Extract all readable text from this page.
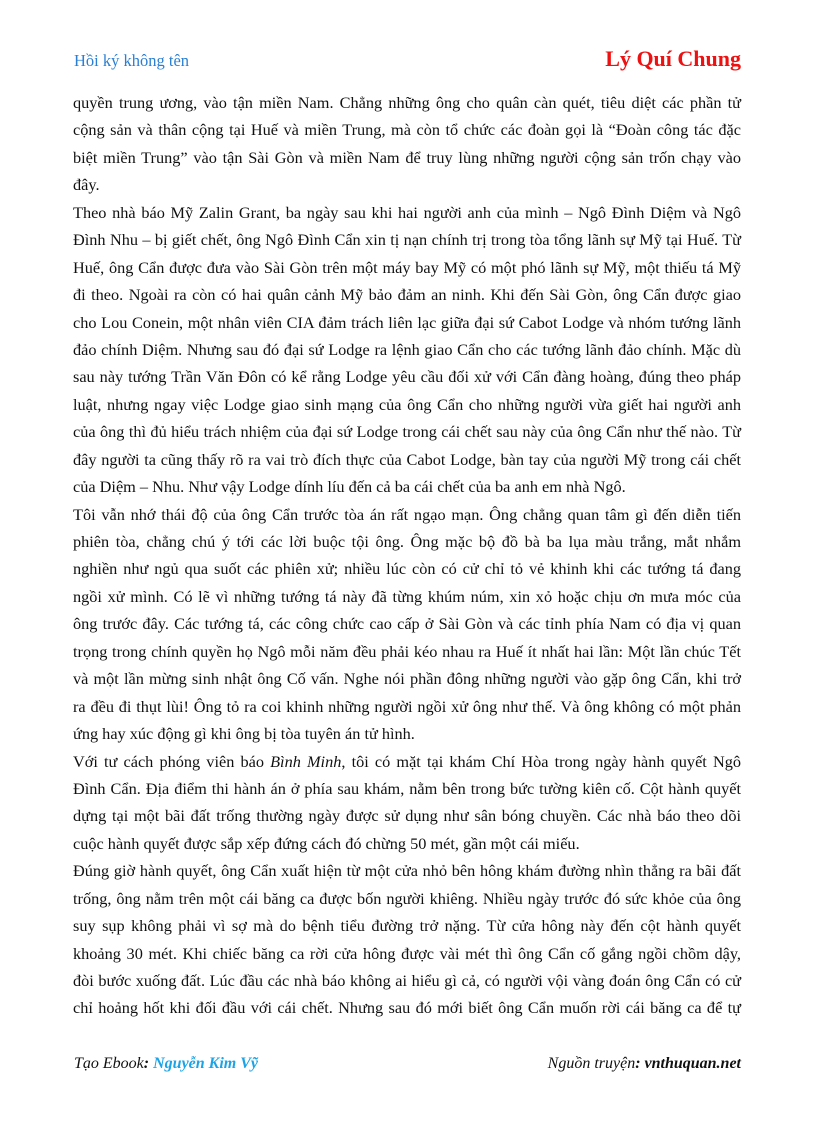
Hồi ký không tên	Lý Quí Chung
quyền trung ương, vào tận miền Nam. Chẳng những ông cho quân càn quét, tiêu diệt các phần tử
cộng sản và thân cộng tại Huế và miền Trung, mà còn tổ chức các đoàn gọi là “Đoàn công tác đặc
biệt miền Trung” vào tận Sài Gòn và miền Nam để truy lùng những người cộng sản trốn chạy vào
đây.
Theo nhà báo Mỹ Zalin Grant, ba ngày sau khi hai người anh của mình – Ngô Đình Diệm và Ngô
Đình Nhu – bị giết chết, ông Ngô Đình Cẩn xin tị nạn chính trị trong tòa tổng lãnh sự Mỹ tại Huế. Từ
Huế, ông Cẩn được đưa vào Sài Gòn trên một máy bay Mỹ có một phó lãnh sự Mỹ, một thiếu tá Mỹ
đi theo. Ngoài ra còn có hai quân cảnh Mỹ bảo đảm an ninh. Khi đến Sài Gòn, ông Cẩn được giao
cho Lou Conein, một nhân viên CIA đảm trách liên lạc giữa đại sứ Cabot Lodge và nhóm tướng lãnh
đảo chính Diệm. Nhưng sau đó đại sứ Lodge ra lệnh giao Cẩn cho các tướng lãnh đảo chính. Mặc dù
sau này tướng Trần Văn Đôn có kể rằng Lodge yêu cầu đối xử với Cẩn đàng hoàng, đúng theo pháp
luật, nhưng ngay việc Lodge giao sinh mạng của ông Cẩn cho những người vừa giết hai người anh
của ông thì đủ hiểu trách nhiệm của đại sứ Lodge trong cái chết sau này của ông Cẩn như thế nào. Từ
đây người ta cũng thấy rõ ra vai trò đích thực của Cabot Lodge, bàn tay của người Mỹ trong cái chết
của Diệm – Nhu. Như vậy Lodge dính líu đến cả ba cái chết của ba anh em nhà Ngô.
Tôi vẫn nhớ thái độ của ông Cẩn trước tòa án rất ngạo mạn. Ông chẳng quan tâm gì đến diễn tiến
phiên tòa, chẳng chú ý tới các lời buộc tội ông. Ông mặc bộ đồ bà ba lụa màu trắng, mắt nhắm
nghiền như ngủ qua suốt các phiên xử; nhiều lúc còn có cử chỉ tỏ vẻ khinh khi các tướng tá đang
ngồi xử mình. Có lẽ vì những tướng tá này đã từng khúm núm, xin xỏ hoặc chịu ơn mưa móc của
ông trước đây. Các tướng tá, các công chức cao cấp ở Sài Gòn và các tỉnh phía Nam có địa vị quan
trọng trong chính quyền họ Ngô mỗi năm đều phải kéo nhau ra Huế ít nhất hai lần: Một lần chúc Tết
và một lần mừng sinh nhật ông Cố vấn. Nghe nói phần đông những người vào gặp ông Cẩn, khi trở
ra đều đi thụt lùi! Ông tỏ ra coi khinh những người ngồi xử ông như thế. Và ông không có một phản
ứng hay xúc động gì khi ông bị tòa tuyên án tử hình.
Với tư cách phóng viên báo Bình Minh, tôi có mặt tại khám Chí Hòa trong ngày hành quyết Ngô
Đình Cẩn. Địa điểm thi hành án ở phía sau khám, nằm bên trong bức tường kiên cố. Cột hành quyết
dựng tại một bãi đất trống thường ngày được sử dụng như sân bóng chuyền. Các nhà báo theo dõi
cuộc hành quyết được sắp xếp đứng cách đó chừng 50 mét, gần một cái miếu.
Đúng giờ hành quyết, ông Cẩn xuất hiện từ một cửa nhỏ bên hông khám đường nhìn thẳng ra bãi đất
trống, ông nằm trên một cái băng ca được bốn người khiêng. Nhiều ngày trước đó sức khỏe của ông
suy sụp không phải vì sợ mà do bệnh tiểu đường trở nặng. Từ cửa hông này đến cột hành quyết
khoảng 30 mét. Khi chiếc băng ca rời cửa hông được vài mét thì ông Cẩn cố gắng ngồi chồm dậy,
đòi bước xuống đất. Lúc đầu các nhà báo không ai hiểu gì cả, có người vội vàng đoán ông Cẩn có cử
chỉ hoảng hốt khi đối đầu với cái chết. Nhưng sau đó mới biết ông Cẩn muốn rời cái băng ca để tự
Tạo Ebook: Nguyễn Kim Vỹ	Nguồn truyện: vnthuquan.net
